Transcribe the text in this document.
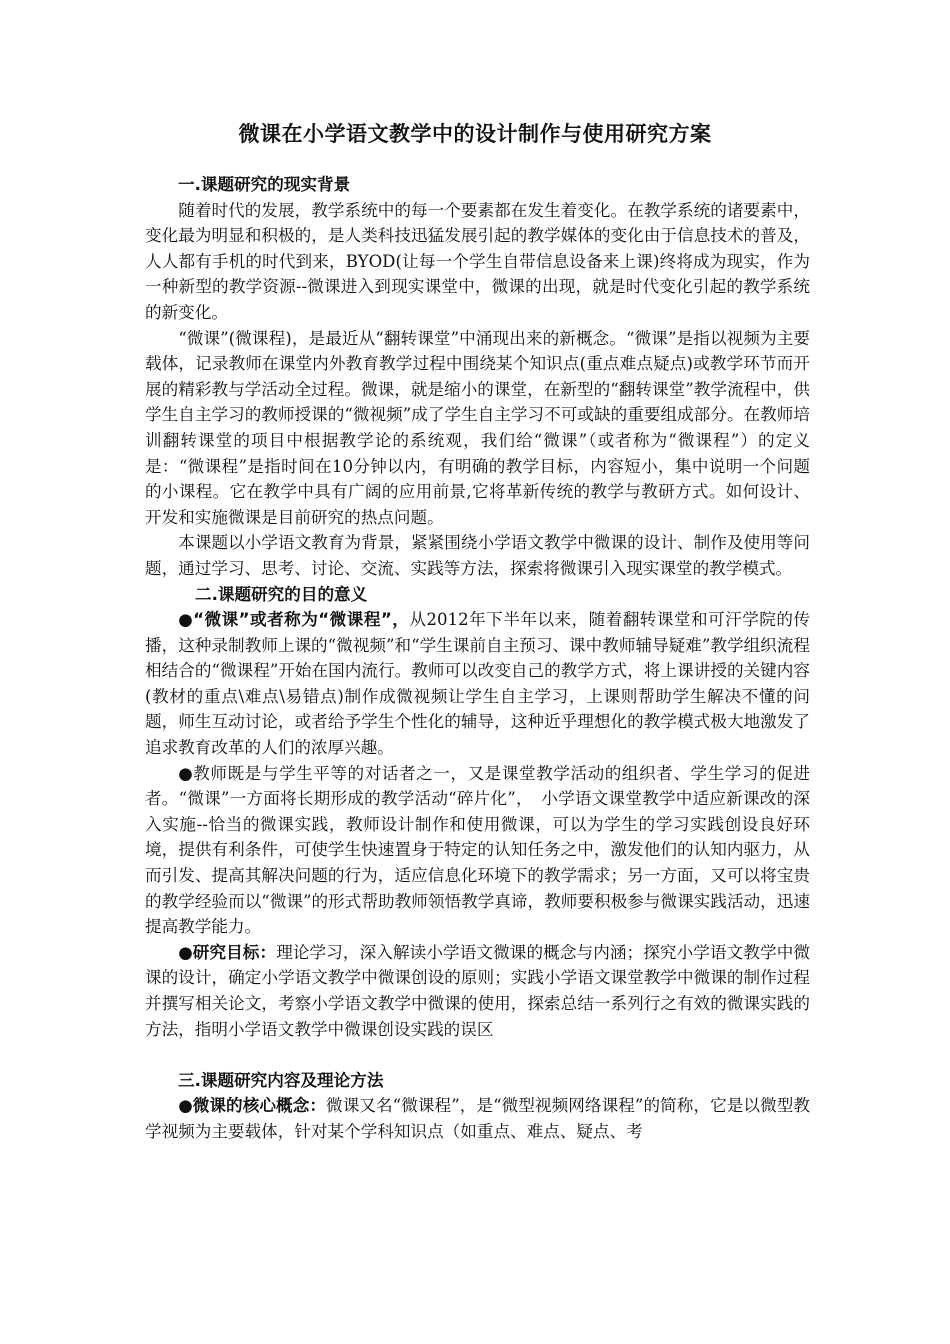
微课在小学语文教学中的设计制作与使用研究方案
一.课题研究的现实背景

随着时代的发展，教学系统中的每一个要素都在发生着变化。在教学系统的诸要素中，变化最为明显和积极的，是人类科技迅猛发展引起的教学媒体的变化由于信息技术的普及，人人都有手机的时代到来，BYOD(让每一个学生自带信息设备来上课)终将成为现实，作为一种新型的教学资源--微课进入到现实课堂中，微课的出现，就是时代变化引起的教学系统的新变化。

“微课”(微课程)，是最近从“翻转课堂”中涌现出来的新概念。“微课”是指以视频为主要载体，记录教师在课堂内外教育教学过程中围绕某个知识点(重点难点疑点)或教学环节而开展的精彩教与学活动全过程。微课，就是缩小的课堂，在新型的“翻转课堂”教学流程中，供学生自主学习的教师授课的“微视频”成了学生自主学习不可或缺的重要组成部分。在教师培训翻转课堂的项目中根据教学论的系统观，我们给“微课”（或者称为“微课程”）的定义是：“微课程”是指时间在10分钟以内，有明确的教学目标，内容短小，集中说明一个问题的小课程。它在教学中具有广阔的应用前景,它将革新传统的教学与教研方式。如何设计、开发和实施微课是目前研究的热点问题。

本课题以小学语文教育为背景，紧紧围绕小学语文教学中微课的设计、制作及使用等问题，通过学习、思考、讨论、交流、实践等方法，探索将微课引入现实课堂的教学模式。

二.课题研究的目的意义

●“微课”或者称为“微课程”，从2012年下半年以来，随着翻转课堂和可汗学院的传播，这种录制教师上课的“微视频”和“学生课前自主预习、课中教师辅导疑难”教学组织流程相结合的“微课程”开始在国内流行。教师可以改变自己的教学方式，将上课讲授的关键内容(教材的重点\难点\易错点)制作成微视频让学生自主学习，上课则帮助学生解决不懂的问题，师生互动讨论，或者给予学生个性化的辅导，这种近乎理想化的教学模式极大地激发了追求教育改革的人们的浓厚兴趣。

●教师既是与学生平等的对话者之一，又是课堂教学活动的组织者、学生学习的促进者。“微课”一方面将长期形成的教学活动“碎片化”，　小学语文课堂教学中适应新课改的深入实施--恰当的微课实践，教师设计制作和使用微课，可以为学生的学习实践创设良好环境，提供有利条件，可使学生快速置身于特定的认知任务之中，激发他们的认知内驱力，从而引发、提高其解决问题的行为，适应信息化环境下的教学需求；另一方面，又可以将宝贵的教学经验而以“微课”的形式帮助教师领悟教学真谛，教师要积极参与微课实践活动，迅速提高教学能力。

●研究目标：理论学习，深入解读小学语文微课的概念与内涵；探究小学语文教学中微课的设计，确定小学语文教学中微课创设的原则；实践小学语文课堂教学中微课的制作过程并撰写相关论文，考察小学语文教学中微课的使用，探索总结一系列行之有效的微课实践的方法，指明小学语文教学中微课创设实践的误区

三.课题研究内容及理论方法

●微课的核心概念：微课又名“微课程”，是“微型视频网络课程”的简称，它是以微型教学视频为主要载体，针对某个学科知识点（如重点、难点、疑点、考
